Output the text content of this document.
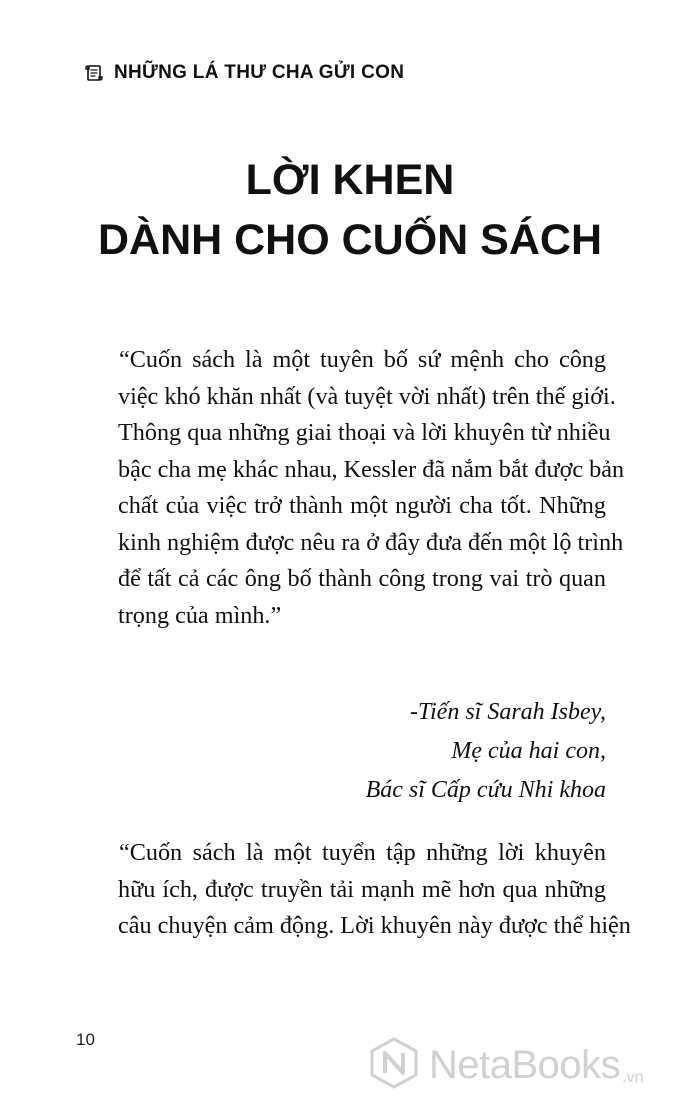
NHỮNG LÁ THƯ CHA GỬI CON
LỜI KHEN
DÀNH CHO CUỐN SÁCH
“Cuốn sách là một tuyên bố sứ mệnh cho công
việc khó khăn nhất (và tuyệt vời nhất) trên thế giới.
Thông qua những giai thoại và lời khuyên từ nhiều
bậc cha mẹ khác nhau, Kessler đã nắm bắt được bản
chất của việc trở thành một người cha tốt. Những
kinh nghiệm được nêu ra ở đây đưa đến một lộ trình
để tất cả các ông bố thành công trong vai trò quan
trọng của mình.”
-Tiến sĩ Sarah Isbey,
Mẹ của hai con,
Bác sĩ Cấp cứu Nhi khoa
“Cuốn sách là một tuyển tập những lời khuyên
hữu ích, được truyền tải mạnh mẽ hơn qua những
câu chuyện cảm động. Lời khuyên này được thể hiện
10
NetaBooks .vn
